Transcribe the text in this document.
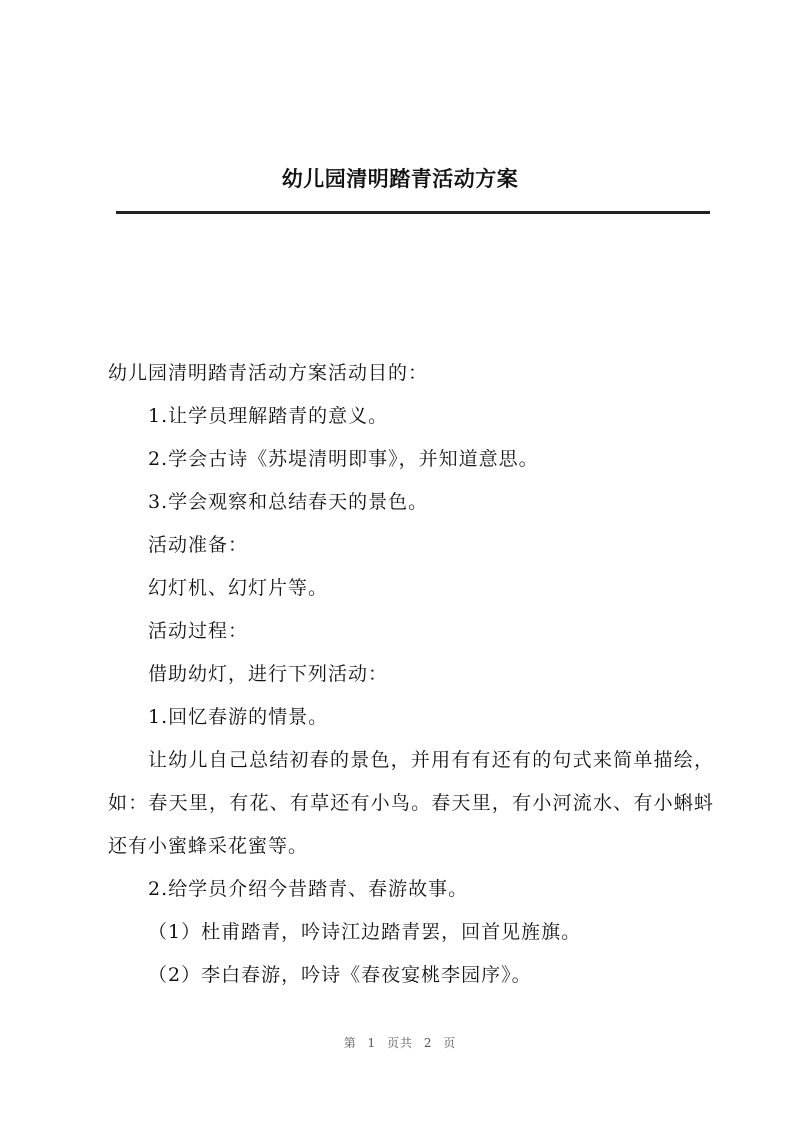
幼儿园清明踏青活动方案

幼儿园清明踏青活动方案活动目的：

1.让学员理解踏青的意义。

2.学会古诗《苏堤清明即事》，并知道意思。

3.学会观察和总结春天的景色。

活动准备：

幻灯机、幻灯片等。

活动过程：

借助幼灯，进行下列活动：

1.回忆春游的情景。

让幼儿自己总结初春的景色，并用有有还有的句式来简单描绘，如：春天里，有花、有草还有小鸟。春天里，有小河流水、有小蝌蚪还有小蜜蜂采花蜜等。

2.给学员介绍今昔踏青、春游故事。

（1）杜甫踏青，吟诗江边踏青罢，回首见旌旗。

（2）李白春游，吟诗《春夜宴桃李园序》。

第 1 页共 2 页
